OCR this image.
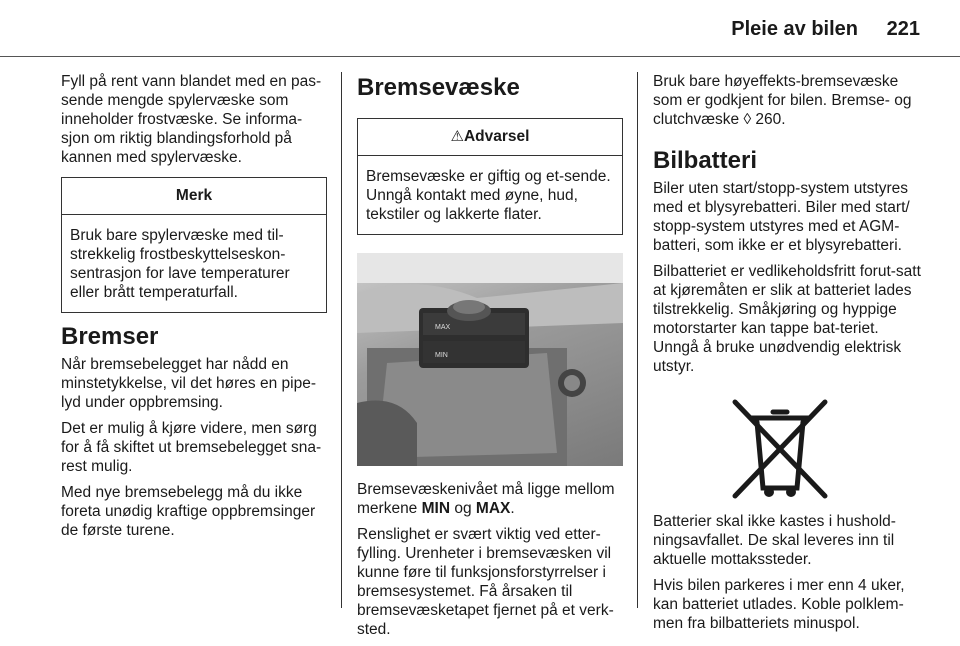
Pleie av bilen 221

Fyll på rent vann blandet med en pas-sende mengde spylervæske som inneholder frostvæske. Se informa-sjon om riktig blandingsforhold på kannen med spylervæske.

Merk
Bruk bare spylervæske med til-strekkelig frostbeskyttelseskon-sentrasjon for lave temperaturer eller brått temperaturfall.
Bremser

Når bremsebelegget har nådd en minstetykkelse, vil det høres en pipe-lyd under oppbremsing.

Det er mulig å kjøre videre, men sørg for å få skiftet ut bremsebelegget sna-rest mulig.

Med nye bremsebelegg må du ikke foreta unødig kraftige oppbremsinger de første turene.

Bremsevæske
⚠Advarsel
Bremsevæske er giftig og et-sende. Unngå kontakt med øyne, hud, tekstiler og lakkerte flater.
MAX
MIN

Bremsevæskenivået må ligge mellom merkene MIN og MAX.

Renslighet er svært viktig ved etter-fylling. Urenheter i bremsevæsken vil kunne føre til funksjonsforstyrrelser i bremsesystemet. Få årsaken til bremsevæsketapet fjernet på et verk-sted.

Bruk bare høyeffekts-bremsevæske som er godkjent for bilen. Bremse- og clutchvæske ◊ 260.

Bilbatteri

Biler uten start/stopp-system utstyres med et blysyrebatteri. Biler med start/ stopp-system utstyres med et AGM-batteri, som ikke er et blysyrebatteri.

Bilbatteriet er vedlikeholdsfritt forut-satt at kjøremåten er slik at batteriet lades tilstrekkelig. Småkjøring og hyppige motorstarter kan tappe bat-teriet. Unngå å bruke unødvendig elektrisk utstyr.

Batterier skal ikke kastes i hushold-ningsavfallet. De skal leveres inn til aktuelle mottakssteder.

Hvis bilen parkeres i mer enn 4 uker, kan batteriet utlades. Koble polklem-men fra bilbatteriets minuspol.
